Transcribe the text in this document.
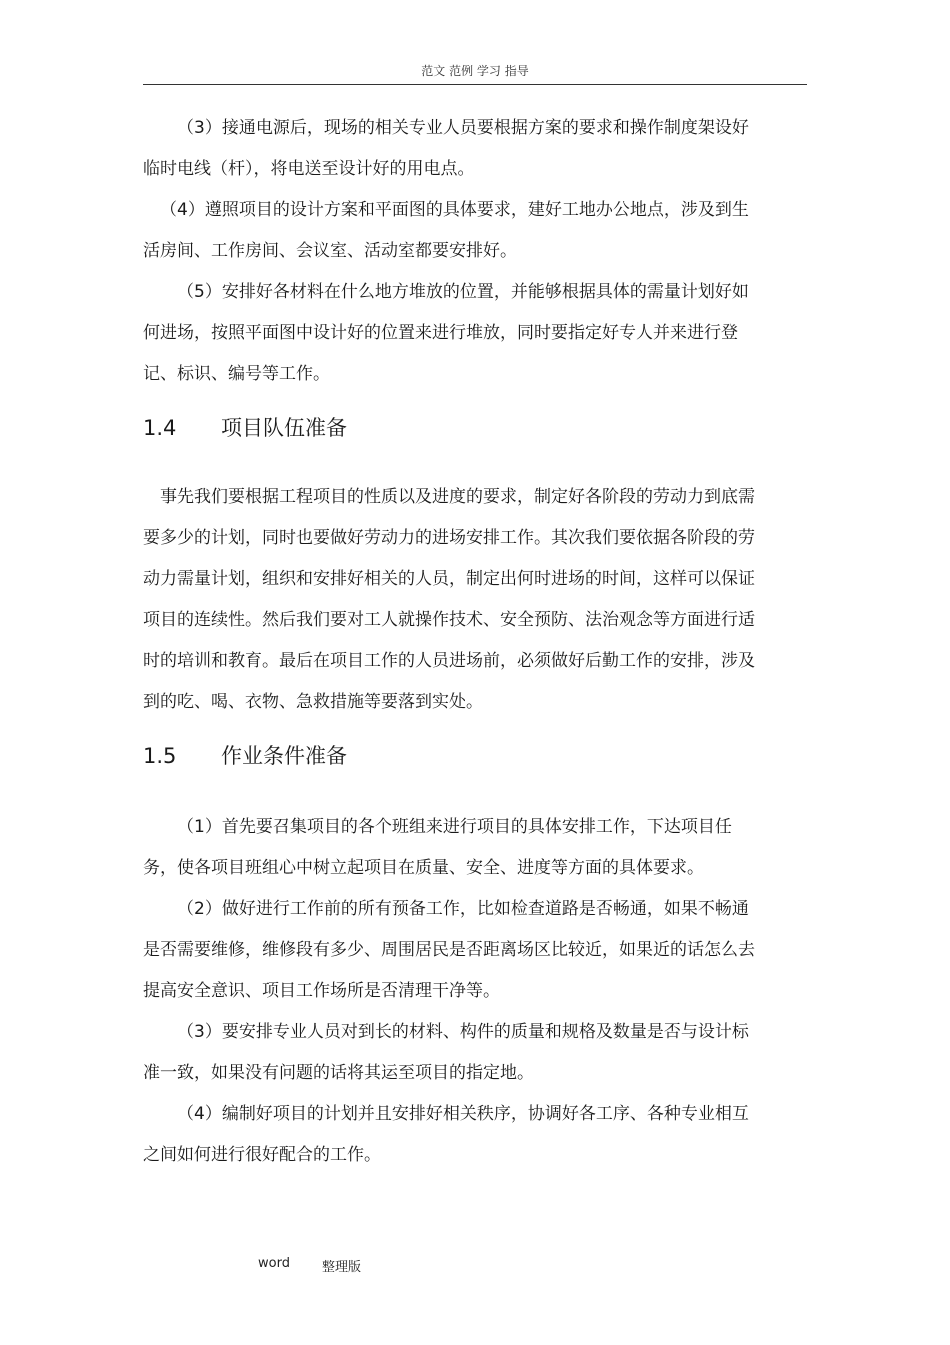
范文 范例 学习 指导

（3）接通电源后，现场的相关专业人员要根据方案的要求和操作制度架设好临时电线（杆），将电送至设计好的用电点。

（4）遵照项目的设计方案和平面图的具体要求，建好工地办公地点，涉及到生活房间、工作房间、会议室、活动室都要安排好。

（5）安排好各材料在什么地方堆放的位置，并能够根据具体的需量计划好如何进场，按照平面图中设计好的位置来进行堆放，同时要指定好专人并来进行登记、标识、编号等工作。

1.4 项目队伍准备

事先我们要根据工程项目的性质以及进度的要求，制定好各阶段的劳动力到底需要多少的计划，同时也要做好劳动力的进场安排工作。其次我们要依据各阶段的劳动力需量计划，组织和安排好相关的人员，制定出何时进场的时间，这样可以保证项目的连续性。然后我们要对工人就操作技术、安全预防、法治观念等方面进行适时的培训和教育。最后在项目工作的人员进场前，必须做好后勤工作的安排，涉及到的吃、喝、衣物、急救措施等要落到实处。

1.5 作业条件准备

（1）首先要召集项目的各个班组来进行项目的具体安排工作，下达项目任务，使各项目班组心中树立起项目在质量、安全、进度等方面的具体要求。

（2）做好进行工作前的所有预备工作，比如检查道路是否畅通，如果不畅通是否需要维修，维修段有多少、周围居民是否距离场区比较近，如果近的话怎么去提高安全意识、项目工作场所是否清理干净等。

（3）要安排专业人员对到长的材料、构件的质量和规格及数量是否与设计标准一致，如果没有问题的话将其运至项目的指定地。

（4）编制好项目的计划并且安排好相关秩序，协调好各工序、各种专业相互之间如何进行很好配合的工作。

word 整理版
